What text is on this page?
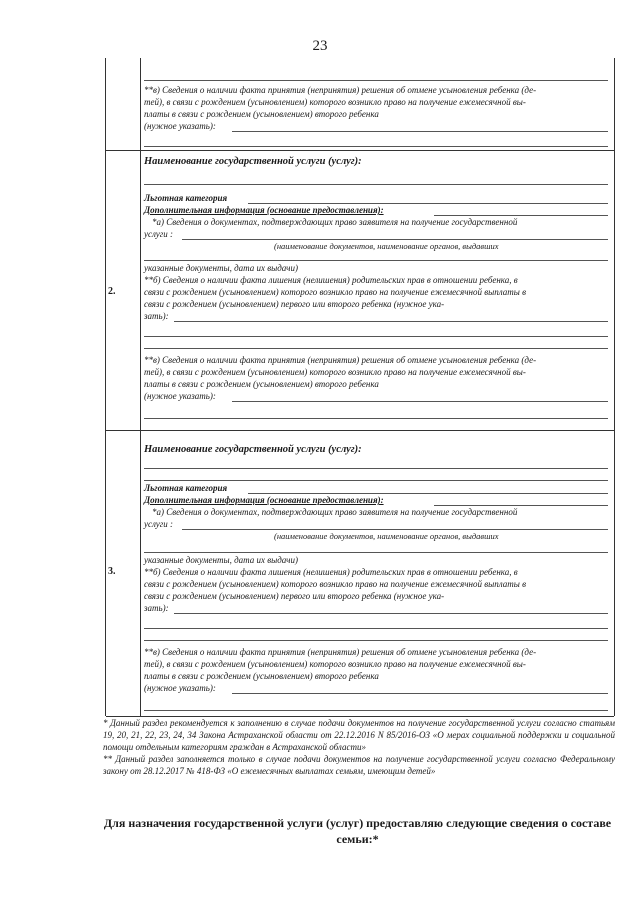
23
**в) Сведения о наличии факта принятия (непринятия) решения об отмене усыновления ребенка (де-
тей), в связи с рождением (усыновлением) которого возникло право на получение ежемесячной вы-
платы в связи с рождением (усыновлением) второго ребенка
(нужное указать):
2.
Наименование государственной услуги (услуг):
Льготная категория
Дополнительная информация (основание предоставления):
*а) Сведения о документах, подтверждающих право заявителя на получение государственной
услуги :
(наименование документов, наименование органов, выдавших
указанные документы, дата их выдачи)
**б) Сведения о наличии факта лишения (нелишения) родительских прав в отношении ребенка, в
связи с рождением (усыновлением) которого возникло право на получение ежемесячной выплаты в
связи с рождением (усыновлением) первого или второго ребенка (нужное ука-
зать):
**в) Сведения о наличии факта принятия (непринятия) решения об отмене усыновления ребенка (де-
тей), в связи с рождением (усыновлением) которого возникло право на получение ежемесячной вы-
платы в связи с рождением (усыновлением) второго ребенка
(нужное указать):
3.
Наименование государственной услуги (услуг):
Льготная категория
Дополнительная информация (основание предоставления):
*а) Сведения о документах, подтверждающих право заявителя на получение государственной
услуги :
(наименование документов, наименование органов, выдавших
указанные документы, дата их выдачи)
**б) Сведения о наличии факта лишения (нелишения) родительских прав в отношении ребенка, в
связи с рождением (усыновлением) которого возникло право на получение ежемесячной выплаты в
связи с рождением (усыновлением) первого или второго ребенка (нужное ука-
зать):
**в) Сведения о наличии факта принятия (непринятия) решения об отмене усыновления ребенка (де-
тей), в связи с рождением (усыновлением) которого возникло право на получение ежемесячной вы-
платы в связи с рождением (усыновлением) второго ребенка
(нужное указать):

* Данный раздел рекомендуется к заполнению в случае подачи документов на получение государственной услуги согласно статьям 19, 20, 21, 22, 23, 24, 34 Закона Астраханской области от 22.12.2016 N 85/2016-ОЗ «О мерах социальной поддержки и социальной помощи отдельным категориям граждан в Астраханской области»

** Данный раздел заполняется только в случае подачи документов на получение государственной услуги согласно Федеральному закону от 28.12.2017 № 418-ФЗ «О ежемесячных выплатах семьям, имеющим детей»

Для назначения государственной услуги (услуг) предоставляю следующие сведения о составе семьи:*
